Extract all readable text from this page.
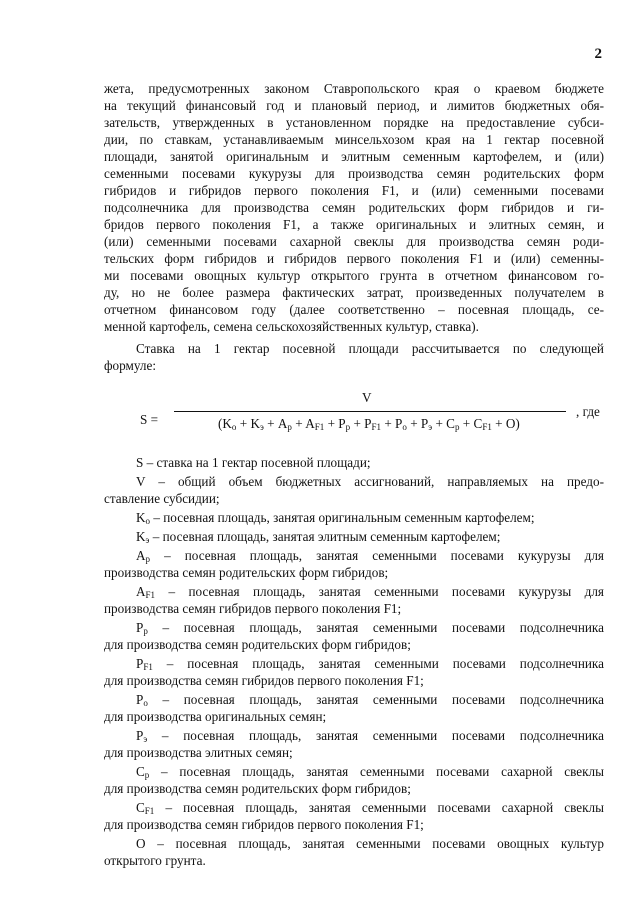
2
жета, предусмотренных законом Ставропольского края о краевом бюджете
на текущий финансовый год и плановый период, и лимитов бюджетных обя-
зательств, утвержденных в установленном порядке на предоставление субси-
дии, по ставкам, устанавливаемым минсельхозом края на 1 гектар посевной
площади, занятой оригинальным и элитным семенным картофелем, и (или)
семенными посевами кукурузы для производства семян родительских форм
гибридов и гибридов первого поколения F1, и (или) семенными посевами
подсолнечника для производства семян родительских форм гибридов и ги-
бридов первого поколения F1, а также оригинальных и элитных семян, и
(или) семенными посевами сахарной свеклы для производства семян роди-
тельских форм гибридов и гибридов первого поколения F1 и (или) семенны-
ми посевами овощных культур открытого грунта в отчетном финансовом го-
ду, но не более размера фактических затрат, произведенных получателем в
отчетном финансовом году (далее соответственно – посевная площадь, се-
менной картофель, семена сельскохозяйственных культур, ставка).
Ставка на 1 гектар посевной площади рассчитывается по следующей
формуле:
S =
V
$(K_o + K_э + A_p + A_{F1} + P_p + P_{F1} + P_o + P_э + C_p + C_{F1} + O)$
, где
S – ставка на 1 гектар посевной площади;
V – общий объем бюджетных ассигнований, направляемых на предо-
ставление субсидии;
$K_o$ – посевная площадь, занятая оригинальным семенным картофелем;
$K_э$ – посевная площадь, занятая элитным семенным картофелем;
$A_p$ – посевная площадь, занятая семенными посевами кукурузы для
производства семян родительских форм гибридов;
$A_{F1}$ – посевная площадь, занятая семенными посевами кукурузы для
производства семян гибридов первого поколения F1;
$P_p$ – посевная площадь, занятая семенными посевами подсолнечника
для производства семян родительских форм гибридов;
$P_{F1}$ – посевная площадь, занятая семенными посевами подсолнечника
для производства семян гибридов первого поколения F1;
$P_o$ – посевная площадь, занятая семенными посевами подсолнечника
для производства оригинальных семян;
$P_э$ – посевная площадь, занятая семенными посевами подсолнечника
для производства элитных семян;
$C_p$ – посевная площадь, занятая семенными посевами сахарной свеклы
для производства семян родительских форм гибридов;
$C_{F1}$ – посевная площадь, занятая семенными посевами сахарной свеклы
для производства семян гибридов первого поколения F1;
O – посевная площадь, занятая семенными посевами овощных культур
открытого грунта.
